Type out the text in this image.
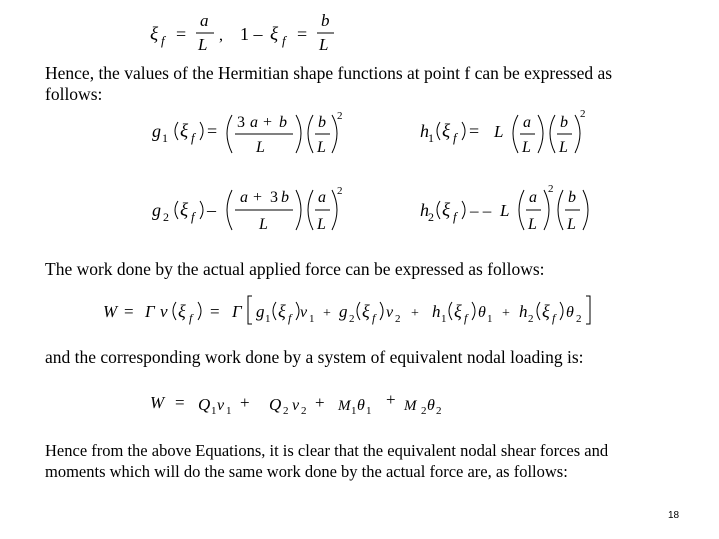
ξ f =
a
L , 1 – ξ f =
b
L
g 1 ξ f = 3 a + b
L
b
L
2
h 1 ξ f = L a
L
b
L
2
g 2 ξ f –
a + 3 b
L
a
L
2
h 2 ξ f – – L
a
L
2 b
L
W = Γ v ξ f = Γ g 1 ξ f v 1 + g 2 ξ f v 2 + h 1 ξ f θ 1 + h 2 ξ f θ 2
W = Q 1 v 1 + Q 2 v 2 + M 1 θ 1
+ M 2 θ 2
Hence, the values of the Hermitian shape functions at point f can be expressed as
follows:
The work done by the actual applied force can be expressed as follows:
and the corresponding work done by a system of equivalent nodal loading is:
Hence from the above Equations, it is clear that the equivalent nodal shear forces and
moments which will do the same work done by the actual force are, as follows:
18
